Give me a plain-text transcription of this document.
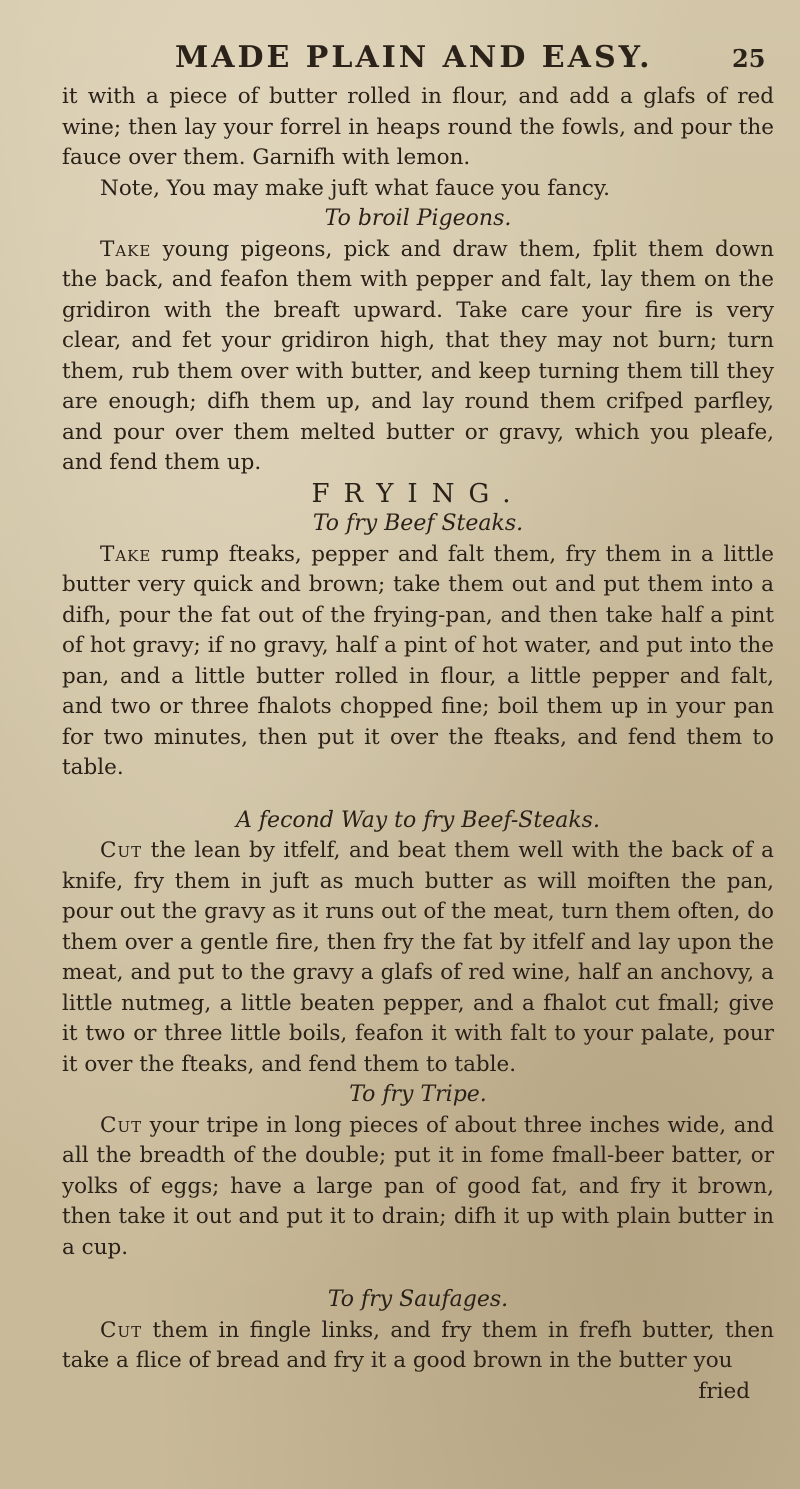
MADE PLAIN AND EASY.	25

it with a piece of butter rolled in flour, and add a glafs of red wine; then lay your forrel in heaps round the fowls, and pour the fauce over them. Garnifh with lemon.

Note, You may make juft what fauce you fancy.

To broil Pigeons.

Take young pigeons, pick and draw them, fplit them down the back, and feafon them with pepper and falt, lay them on the gridiron with the breaft upward. Take care your fire is very clear, and fet your gridiron high, that they may not burn; turn them, rub them over with butter, and keep turning them till they are enough; difh them up, and lay round them crifped parfley, and pour over them melted butter or gravy, which you pleafe, and fend them up.

FRYING.

To fry Beef Steaks.

Take rump fteaks, pepper and falt them, fry them in a little butter very quick and brown; take them out and put them into a difh, pour the fat out of the frying-pan, and then take half a pint of hot gravy; if no gravy, half a pint of hot water, and put into the pan, and a little butter rolled in flour, a little pepper and falt, and two or three fhalots chopped fine; boil them up in your pan for two minutes, then put it over the fteaks, and fend them to table.

A fecond Way to fry Beef-Steaks.

Cut the lean by itfelf, and beat them well with the back of a knife, fry them in juft as much butter as will moiften the pan, pour out the gravy as it runs out of the meat, turn them often, do them over a gentle fire, then fry the fat by itfelf and lay upon the meat, and put to the gravy a glafs of red wine, half an anchovy, a little nutmeg, a little beaten pepper, and a fhalot cut fmall; give it two or three little boils, feafon it with falt to your palate, pour it over the fteaks, and fend them to table.

To fry Tripe.

Cut your tripe in long pieces of about three inches wide, and all the breadth of the double; put it in fome fmall-beer batter, or yolks of eggs; have a large pan of good fat, and fry it brown, then take it out and put it to drain; difh it up with plain butter in a cup.

To fry Saufages.

Cut them in fingle links, and fry them in frefh butter, then take a flice of bread and fry it a good brown in the butter you

fried
